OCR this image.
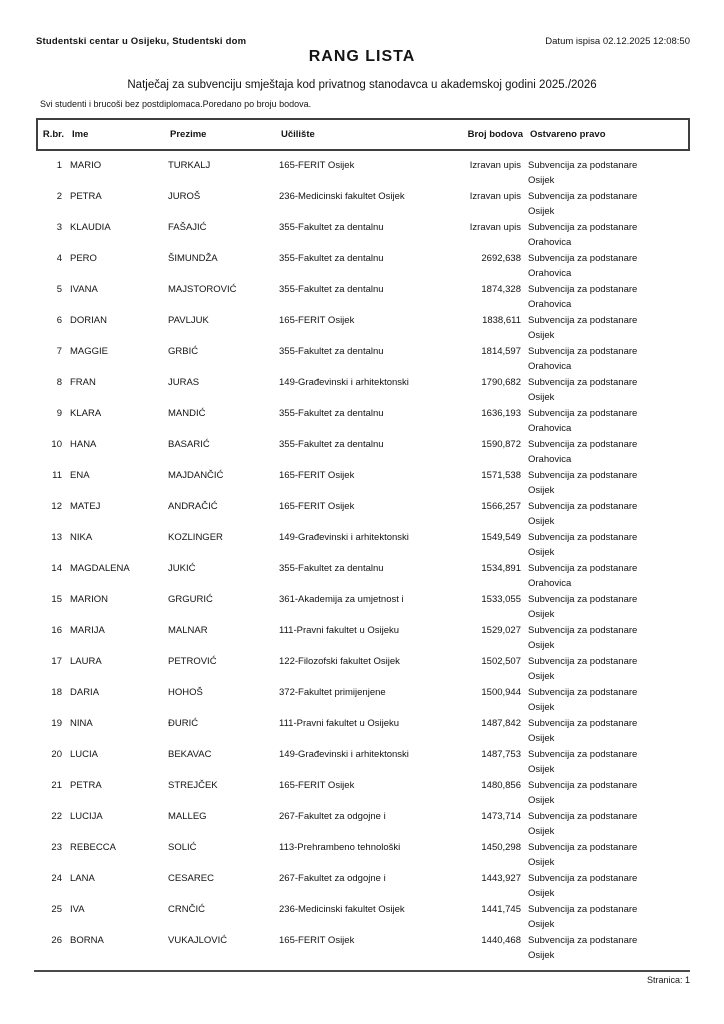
Studentski centar u Osijeku, Studentski dom	Datum ispisa 02.12.2025 12:08:50
RANG LISTA
Natječaj za subvenciju smještaja kod privatnog stanodavca u akademskoj godini 2025./2026
Svi studenti i brucoši bez postdiplomaca.Poredano po broju bodova.
R.br. Ime	Prezime	Učilište	Broj bodova Ostvareno pravo
1 MARIO	TURKALJ	165-FERIT Osijek	Izravan upis Subvencija za podstanare
Osijek
2 PETRA	JUROŠ	236-Medicinski fakultet Osijek	Izravan upis Subvencija za podstanare
Osijek
3 KLAUDIA	FAŠAJIĆ	355-Fakultet za dentalnu	Izravan upis Subvencija za podstanare
Orahovica
4 PERO	ŠIMUNDŽA	355-Fakultet za dentalnu	2692,638 Subvencija za podstanare
Orahovica
5 IVANA	MAJSTOROVIĆ	355-Fakultet za dentalnu	1874,328 Subvencija za podstanare
Orahovica
6 DORIAN	PAVLJUK	165-FERIT Osijek	1838,611 Subvencija za podstanare
Osijek
7 MAGGIE	GRBIĆ	355-Fakultet za dentalnu	1814,597 Subvencija za podstanare
Orahovica
8 FRAN	JURAS	149-Građevinski i arhitektonski	1790,682 Subvencija za podstanare
Osijek
9 KLARA	MANDIĆ	355-Fakultet za dentalnu	1636,193 Subvencija za podstanare
Orahovica
10 HANA	BASARIĆ	355-Fakultet za dentalnu	1590,872 Subvencija za podstanare
Orahovica
11 ENA	MAJDANČIĆ	165-FERIT Osijek	1571,538 Subvencija za podstanare
Osijek
12 MATEJ	ANDRAČIĆ	165-FERIT Osijek	1566,257 Subvencija za podstanare
Osijek
13 NIKA	KOZLINGER	149-Građevinski i arhitektonski	1549,549 Subvencija za podstanare
Osijek
14 MAGDALENA	JUKIĆ	355-Fakultet za dentalnu	1534,891 Subvencija za podstanare
Orahovica
15 MARION	GRGURIĆ	361-Akademija za umjetnost i	1533,055 Subvencija za podstanare
Osijek
16 MARIJA	MALNAR	111-Pravni fakultet u Osijeku	1529,027 Subvencija za podstanare
Osijek
17 LAURA	PETROVIĆ	122-Filozofski fakultet Osijek	1502,507 Subvencija za podstanare
Osijek
18 DARIA	HOHOŠ	372-Fakultet primijenjene	1500,944 Subvencija za podstanare
Osijek
19 NINA	ĐURIĆ	111-Pravni fakultet u Osijeku	1487,842 Subvencija za podstanare
Osijek
20 LUCIA	BEKAVAC	149-Građevinski i arhitektonski	1487,753 Subvencija za podstanare
Osijek
21 PETRA	STREJČEK	165-FERIT Osijek	1480,856 Subvencija za podstanare
Osijek
22 LUCIJA	MALLEG	267-Fakultet za odgojne i	1473,714 Subvencija za podstanare
Osijek
23 REBECCA	SOLIĆ	113-Prehrambeno tehnološki	1450,298 Subvencija za podstanare
Osijek
24 LANA	CESAREC	267-Fakultet za odgojne i	1443,927 Subvencija za podstanare
Osijek
25 IVA	CRNČIĆ	236-Medicinski fakultet Osijek	1441,745 Subvencija za podstanare
Osijek
26 BORNA	VUKAJLOVIĆ	165-FERIT Osijek	1440,468 Subvencija za podstanare
Osijek
Stranica: 1
